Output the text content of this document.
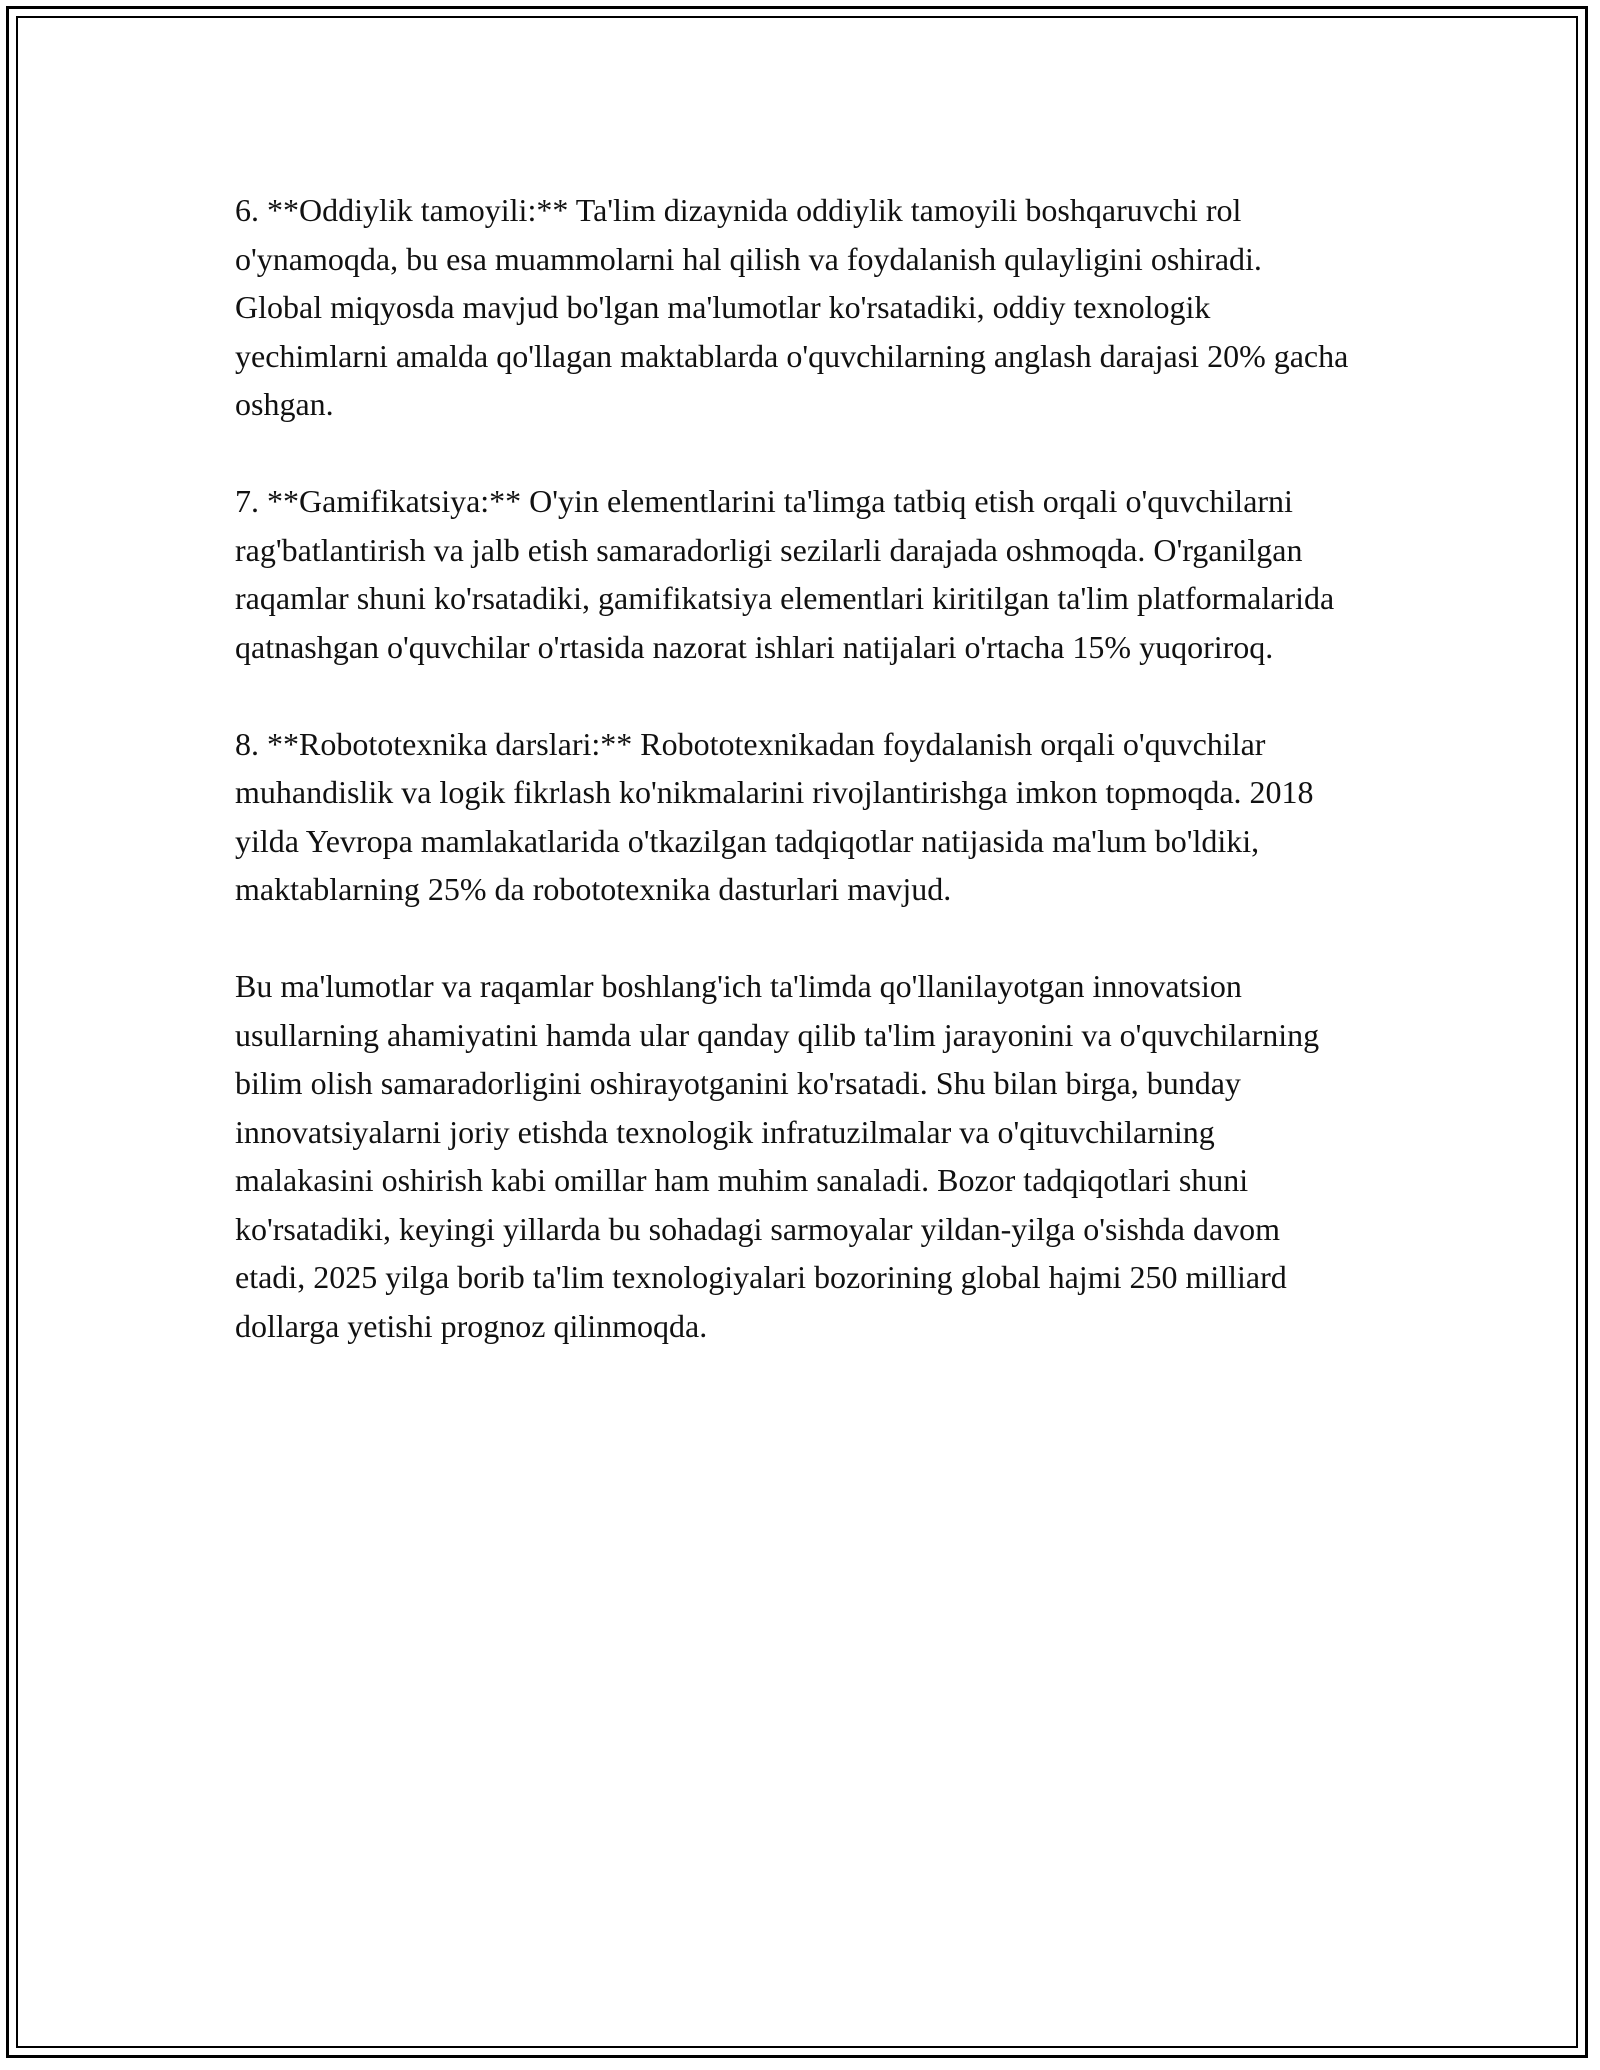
6. **Oddiylik tamoyili:** Ta'lim dizaynida oddiylik tamoyili boshqaruvchi rol o'ynamoqda, bu esa muammolarni hal qilish va foydalanish qulayligini oshiradi. Global miqyosda mavjud bo'lgan ma'lumotlar ko'rsatadiki, oddiy texnologik yechimlarni amalda qo'llagan maktablarda o'quvchilarning anglash darajasi 20% gacha oshgan.

7. **Gamifikatsiya:** O'yin elementlarini ta'limga tatbiq etish orqali o'quvchilarni rag'batlantirish va jalb etish samaradorligi sezilarli darajada oshmoqda. O'rganilgan raqamlar shuni ko'rsatadiki, gamifikatsiya elementlari kiritilgan ta'lim platformalarida qatnashgan o'quvchilar o'rtasida nazorat ishlari natijalari o'rtacha 15% yuqoriroq.

8. **Robototexnika darslari:** Robototexnikadan foydalanish orqali o'quvchilar muhandislik va logik fikrlash ko'nikmalarini rivojlantirishga imkon topmoqda. 2018 yilda Yevropa mamlakatlarida o'tkazilgan tadqiqotlar natijasida ma'lum bo'ldiki, maktablarning 25% da robototexnika dasturlari mavjud.

Bu ma'lumotlar va raqamlar boshlang'ich ta'limda qo'llanilayotgan innovatsion usullarning ahamiyatini hamda ular qanday qilib ta'lim jarayonini va o'quvchilarning bilim olish samaradorligini oshirayotganini ko'rsatadi. Shu bilan birga, bunday innovatsiyalarni joriy etishda texnologik infratuzilmalar va o'qituvchilarning malakasini oshirish kabi omillar ham muhim sanaladi. Bozor tadqiqotlari shuni ko'rsatadiki, keyingi yillarda bu sohadagi sarmoyalar yildan-yilga o'sishda davom etadi, 2025 yilga borib ta'lim texnologiyalari bozorining global hajmi 250 milliard dollarga yetishi prognoz qilinmoqda.
